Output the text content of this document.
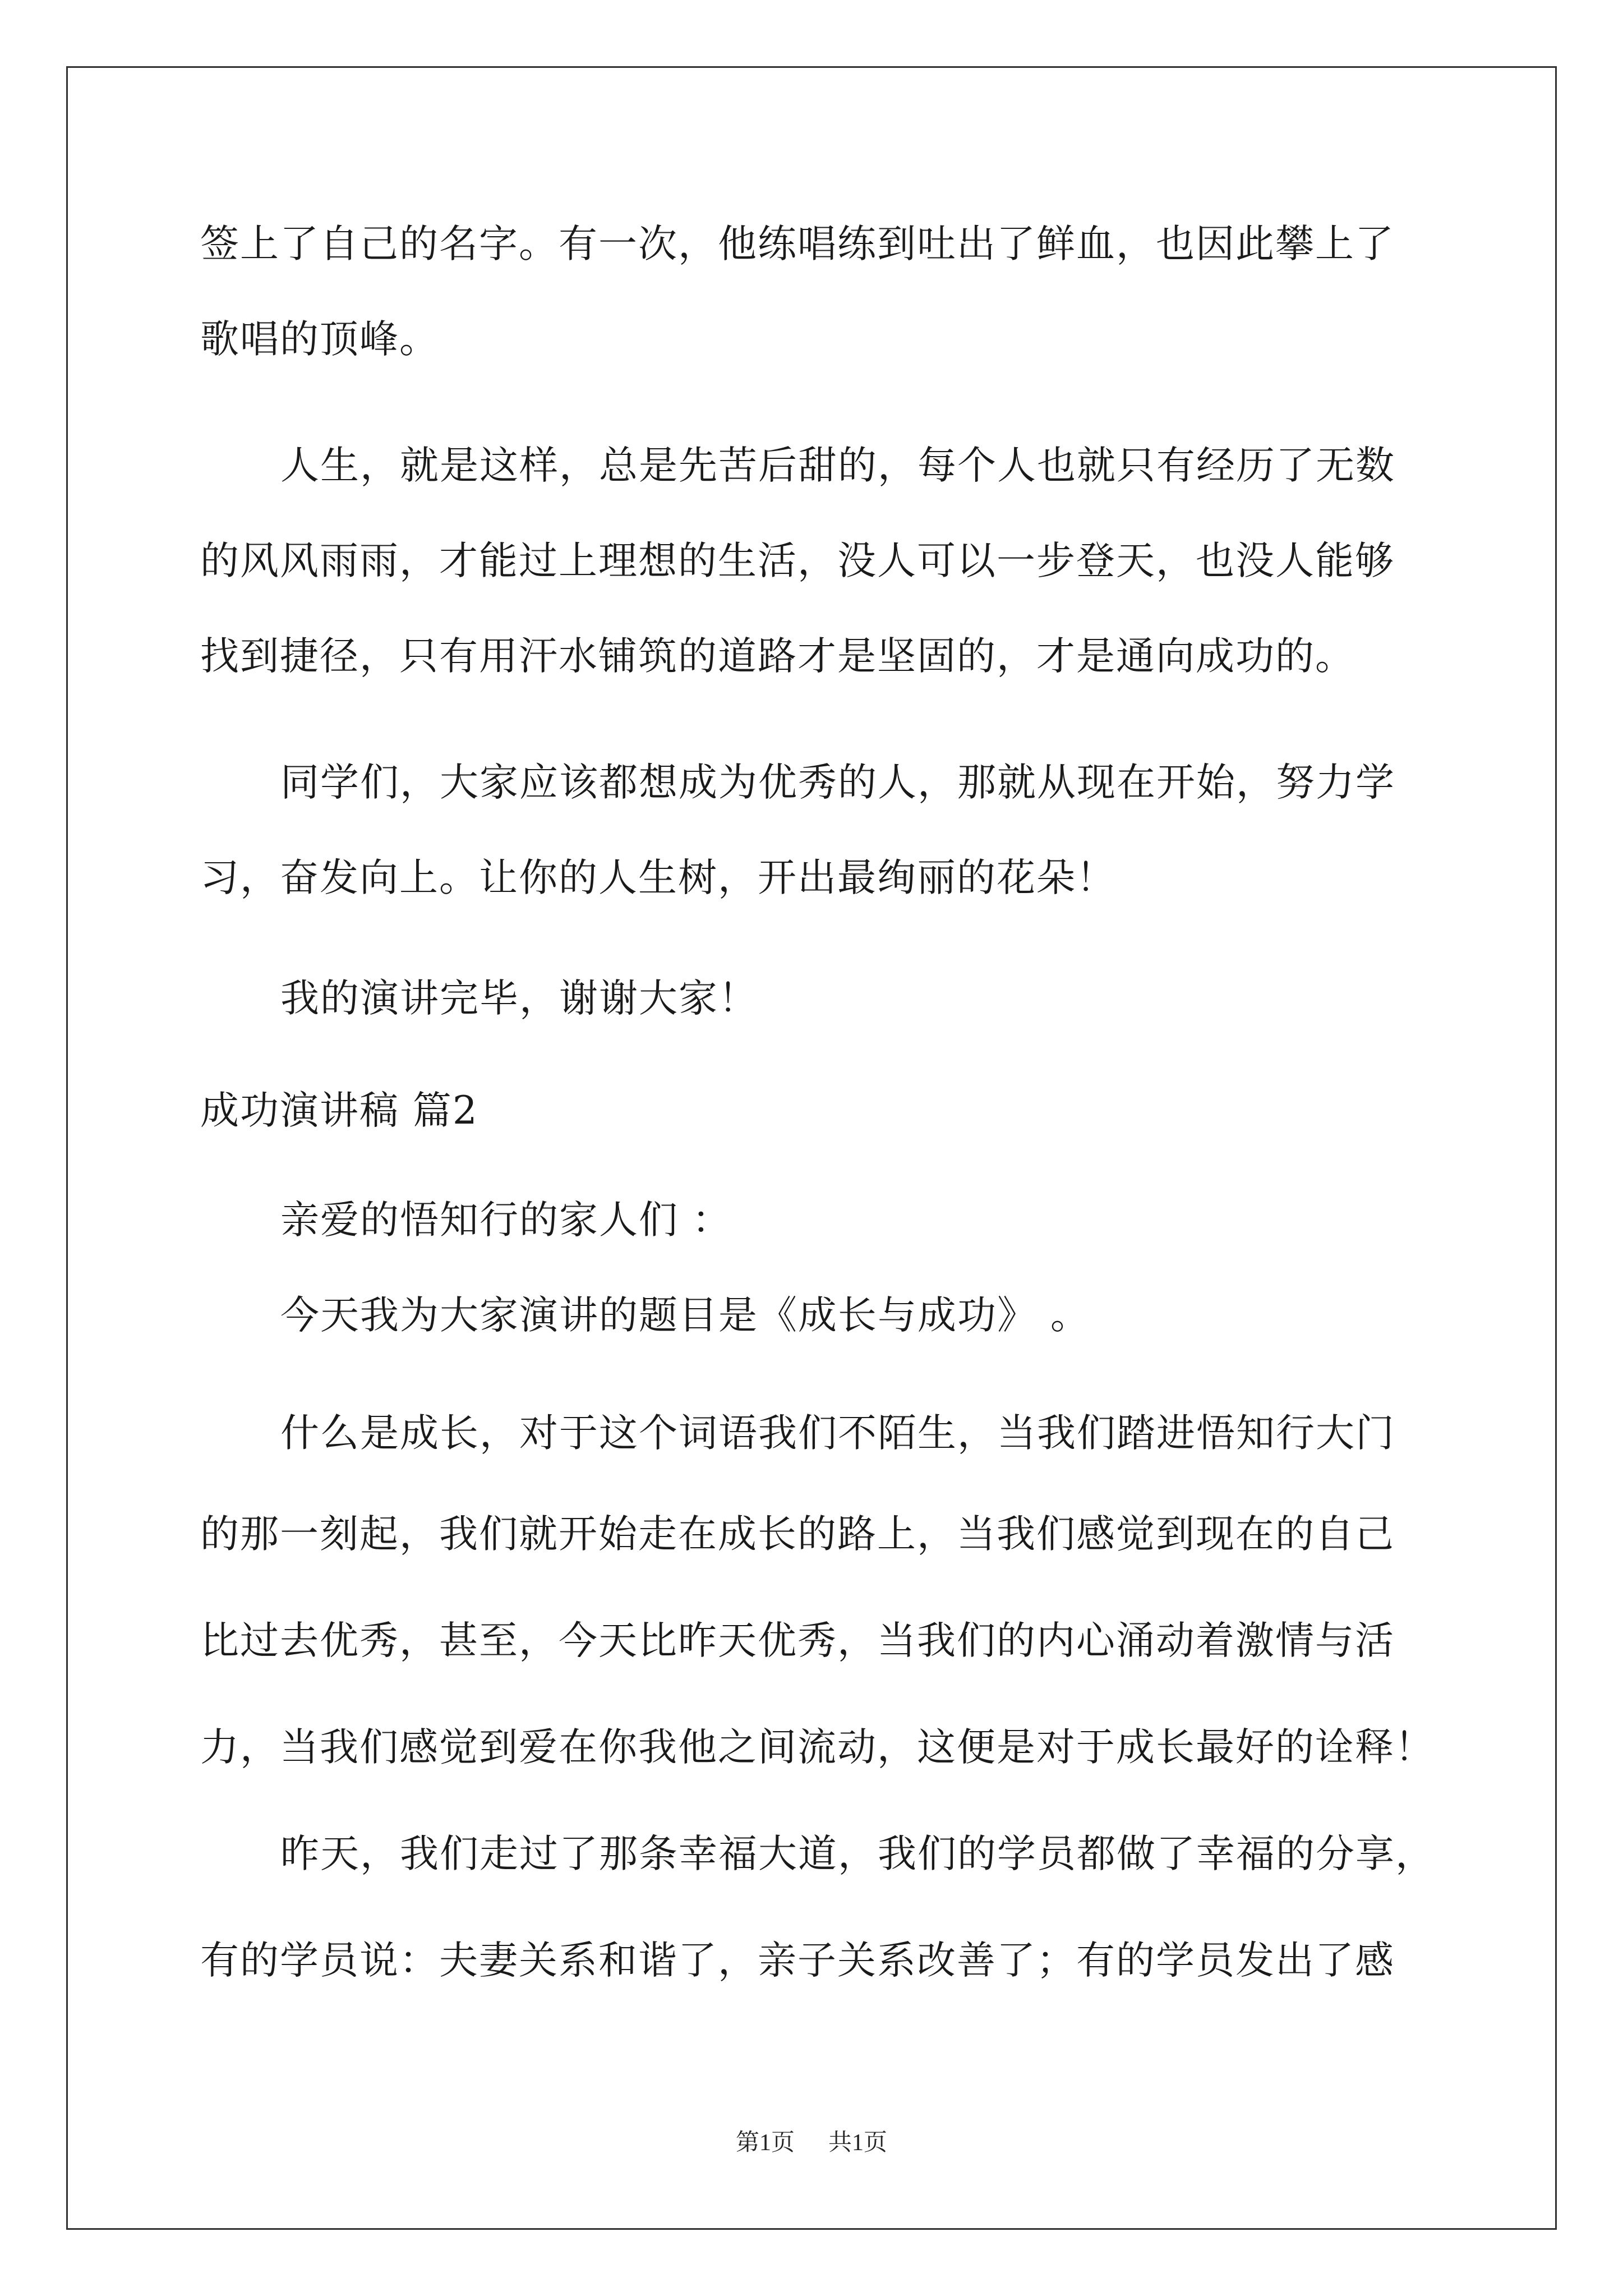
签上了自己的名字。有一次，他练唱练到吐出了鲜血，也因此攀上了
歌唱的顶峰。
人生，就是这样，总是先苦后甜的，每个人也就只有经历了无数
的风风雨雨，才能过上理想的生活，没人可以一步登天，也没人能够
找到捷径，只有用汗水铺筑的道路才是坚固的，才是通向成功的。
同学们，大家应该都想成为优秀的人，那就从现在开始，努力学
习，奋发向上。让你的人生树，开出最绚丽的花朵！
我的演讲完毕，谢谢大家！
成功演讲稿 篇2
亲爱的悟知行的家人们 ：
今天我为大家演讲的题目是《成长与成功》 。
什么是成长，对于这个词语我们不陌生，当我们踏进悟知行大门
的那一刻起，我们就开始走在成长的路上，当我们感觉到现在的自己
比过去优秀，甚至，今天比昨天优秀，当我们的内心涌动着激情与活
力，当我们感觉到爱在你我他之间流动，这便是对于成长最好的诠释！
昨天，我们走过了那条幸福大道，我们的学员都做了幸福的分享，
有的学员说：夫妻关系和谐了，亲子关系改善了；有的学员发出了感
第1页 共1页
